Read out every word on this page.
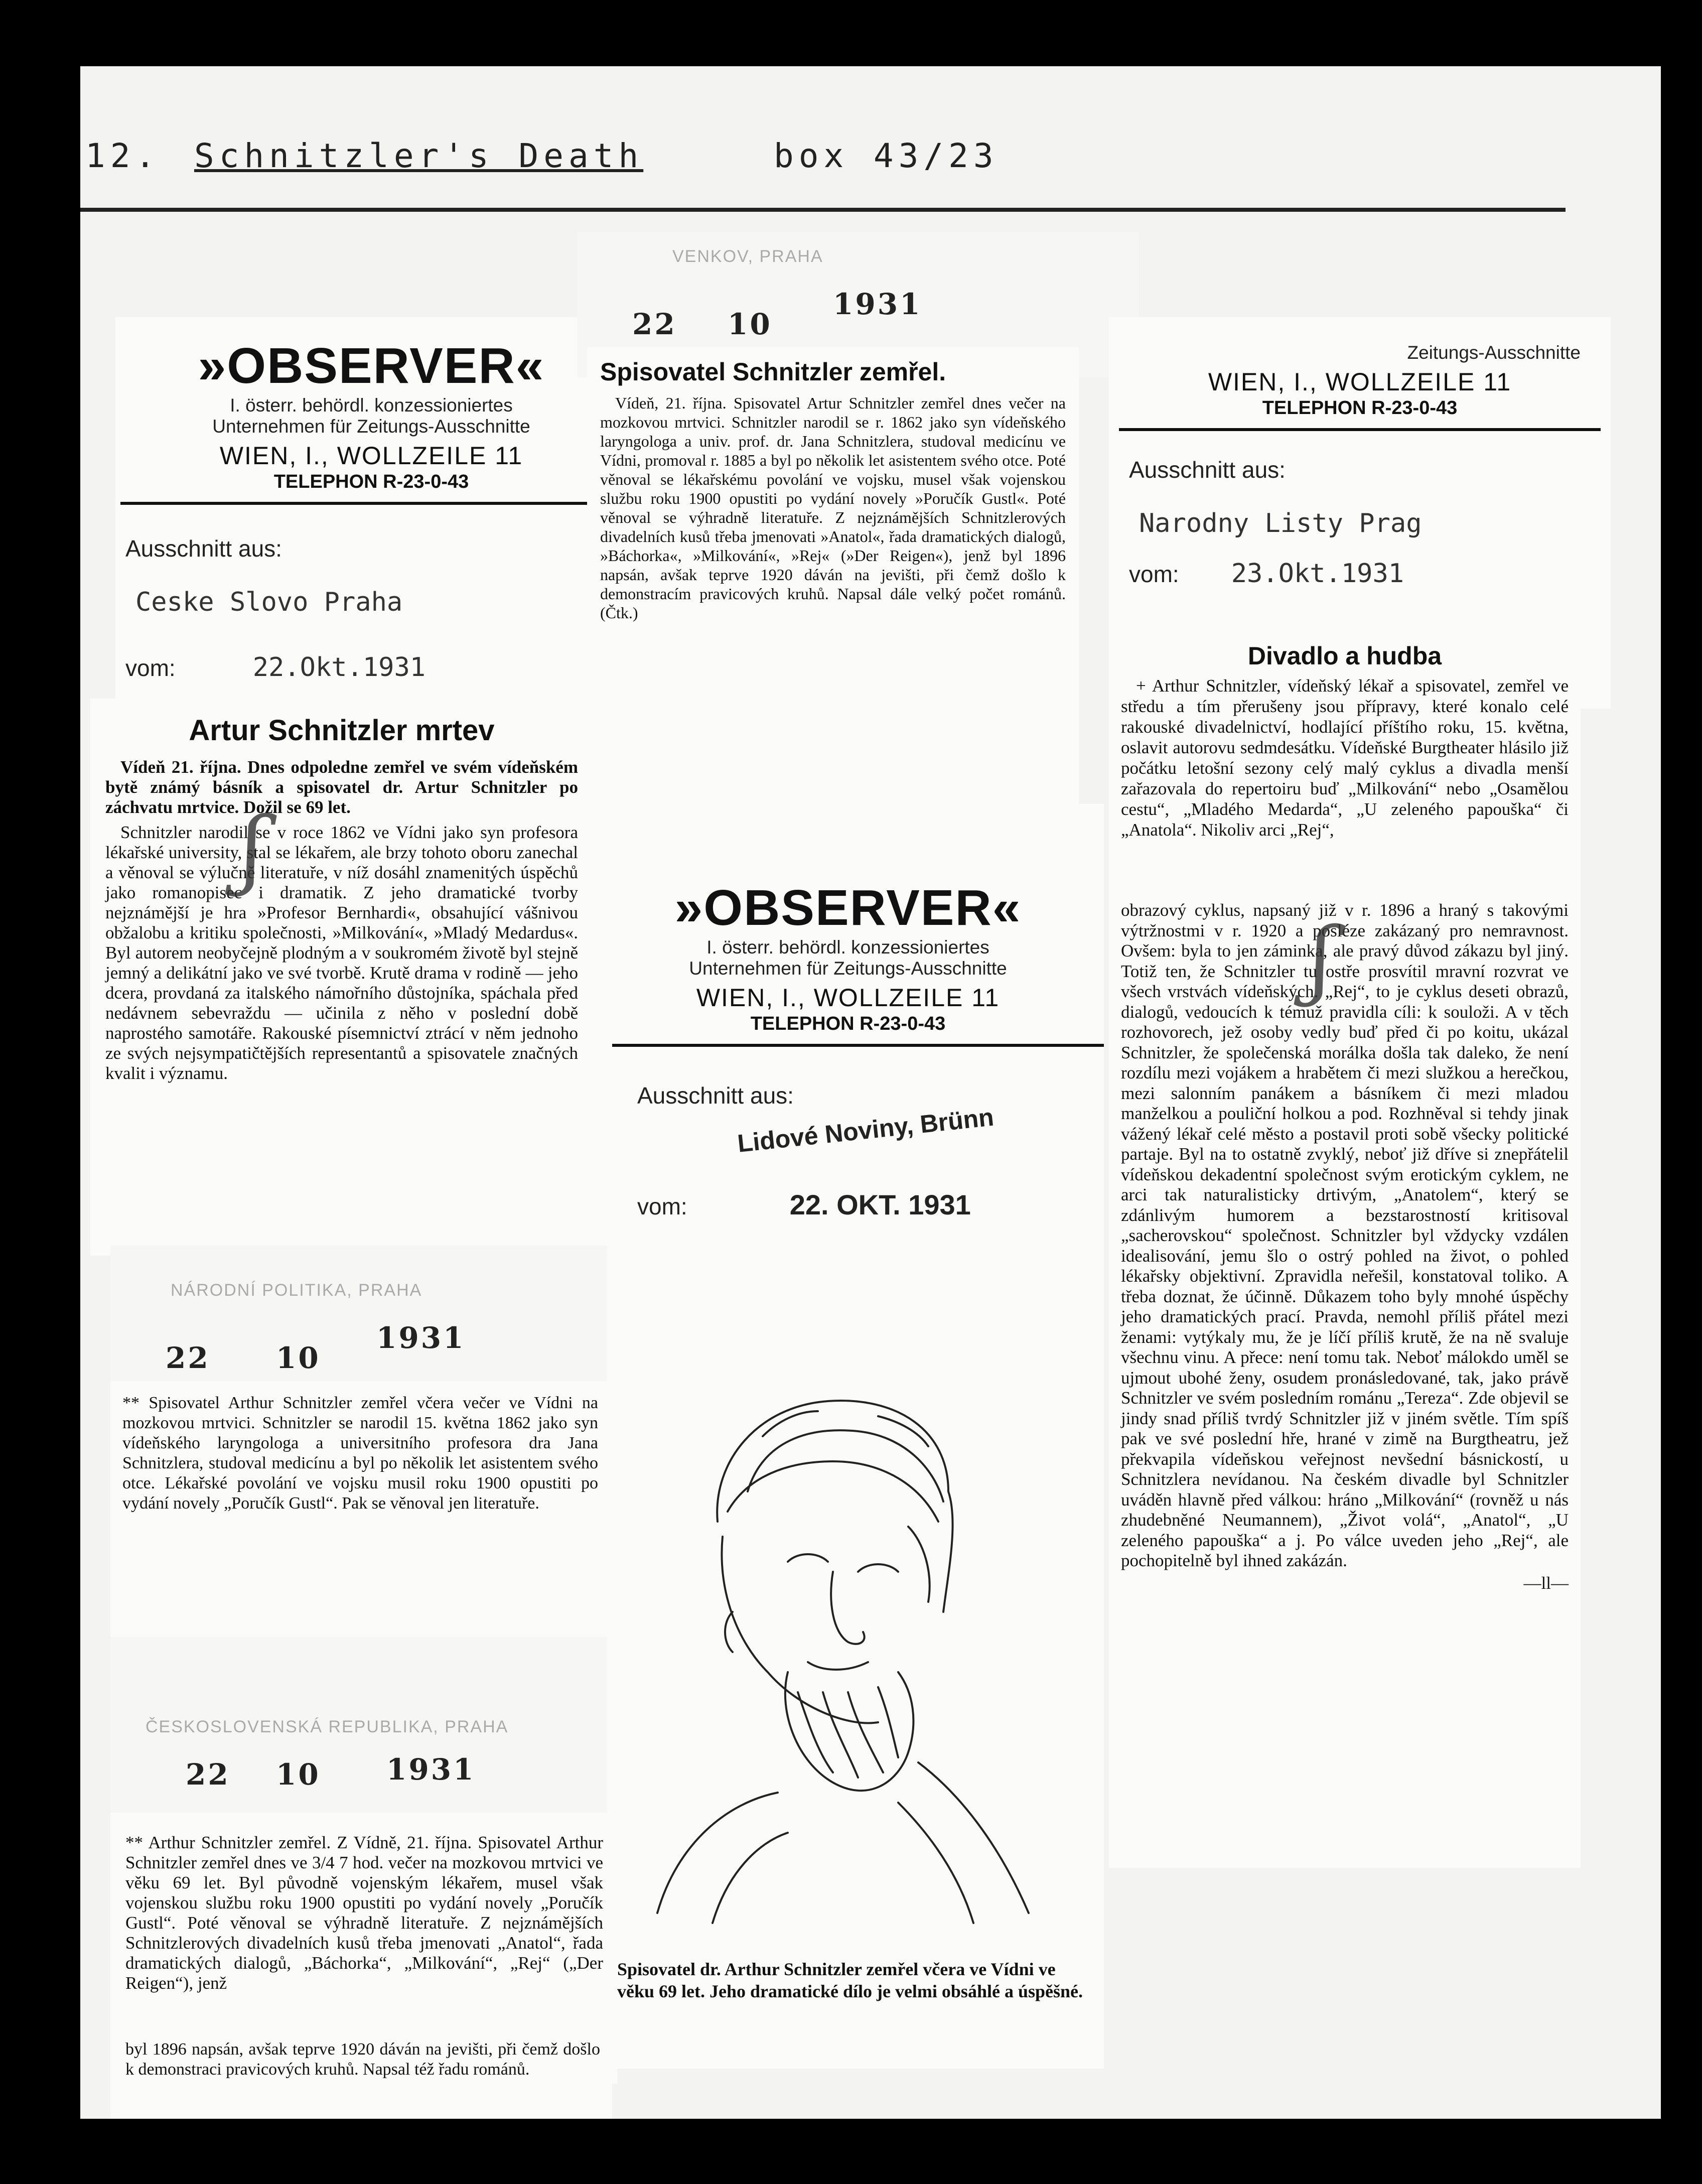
12. Schnitzler's Death	box 43/23
»OBSERVER«
I. österr. behördl. konzessioniertes
Unternehmen für Zeitungs-Ausschnitte
WIEN, I., WOLLZEILE 11
TELEPHON R-23-0-43
Ausschnitt aus:
Ceske Slovo Praha
vom:	22.Okt.1931
Artur Schnitzler mrtev

Vídeň 21. října. Dnes odpoledne zemřel ve svém vídeňském bytě známý básník a spisovatel dr. Artur Schnitzler po záchvatu mrtvice. Dožil se 69 let.

Schnitzler narodil se v roce 1862 ve Vídni jako syn profesora lékařské university, stal se lékařem, ale brzy tohoto oboru zanechal a věnoval se výlučně literatuře, v níž dosáhl znamenitých úspěchů jako romanopisec i dramatik. Z jeho dramatické tvorby nejznámější je hra »Profesor Bernhardi«, obsahující vášnivou obžalobu a kritiku společnosti, »Milkování«, »Mladý Medardus«. Byl autorem neobyčejně plodným a v soukromém životě byl stejně jemný a delikátní jako ve své tvorbě. Krutě drama v rodině — jeho dcera, provdaná za italského námořního důstojníka, spáchala před nedávnem sebevraždu — učinila z něho v poslední době naprostého samotáře. Rakouské písemnictví ztrácí v něm jednoho ze svých nejsympatičtějších representantů a spisovatele značných kvalit i významu.

ʃ
VENKOV, PRAHA
22 10
1931
Spisovatel Schnitzler zemřel.

Vídeň, 21. října. Spisovatel Artur Schnitzler zemřel dnes večer na mozkovou mrtvici. Schnitzler narodil se r. 1862 jako syn vídeňského laryngologa a univ. prof. dr. Jana Schnitzlera, studoval medicínu ve Vídni, promoval r. 1885 a byl po několik let asistentem svého otce. Poté věnoval se lékařskému povolání ve vojsku, musel však vojenskou službu roku 1900 opustiti po vydání novely »Poručík Gustl«. Poté věnoval se výhradně literatuře. Z nejznámějších Schnitzlerových divadelních kusů třeba jmenovati »Anatol«, řada dramatických dialogů, »Báchorka«, »Milkování«, »Rej« (»Der Reigen«), jenž byl 1896 napsán, avšak teprve 1920 dáván na jevišti, při čemž došlo k demonstracím pravicových kruhů. Napsal dále velký počet románů. (Čtk.)

Zeitungs-Ausschnitte
WIEN, I., WOLLZEILE 11
TELEPHON R-23-0-43
Ausschnitt aus:
Narodny Listy Prag
vom: 23.Okt.1931
Divadlo a hudba

+ Arthur Schnitzler, vídeňský lékař a spisovatel, zemřel ve středu a tím přerušeny jsou přípravy, které konalo celé rakouské divadelnictví, hodlající příštího roku, 15. května, oslavit autorovu sedmdesátku. Vídeňské Burgtheater hlásilo již počátku letošní sezony celý malý cyklus a divadla menší zařazovala do repertoiru buď „Milkování“ nebo „Osamělou cestu“, „Mladého Medarda“, „U zeleného papouška“ či „Anatola“. Nikoliv arci „Rej“,

obrazový cyklus, napsaný již v r. 1896 a hraný s takovými výtržnostmi v r. 1920 a posléze zakázaný pro nemravnost. Ovšem: byla to jen záminka, ale pravý důvod zákazu byl jiný. Totiž ten, že Schnitzler tu ostře prosvítil mravní rozvrat ve všech vrstvách vídeňských. „Rej“, to je cyklus deseti obrazů, dialogů, vedoucích k témuž pravidla cíli: k souloži. A v těch rozhovorech, jež osoby vedly buď před či po koitu, ukázal Schnitzler, že společenská morálka došla tak daleko, že není rozdílu mezi vojákem a hrabětem či mezi služkou a herečkou, mezi salonním panákem a básníkem či mezi mladou manželkou a pouliční holkou a pod. Rozhněval si tehdy jinak vážený lékař celé město a postavil proti sobě všecky politické partaje. Byl na to ostatně zvyklý, neboť již dříve si znepřátelil vídeňskou dekadentní společnost svým erotickým cyklem, ne arci tak naturalisticky drtivým, „Anatolem“, který se zdánlivým humorem a bezstarostností kritisoval „sacherovskou“ společnost. Schnitzler byl vždycky vzdálen idealisování, jemu šlo o ostrý pohled na život, o pohled lékařsky objektivní. Zpravidla neřešil, konstatoval toliko. A třeba doznat, že účinně. Důkazem toho byly mnohé úspěchy jeho dramatických prací. Pravda, nemohl příliš přátel mezi ženami: vytýkaly mu, že je líčí příliš krutě, že na ně svaluje všechnu vinu. A přece: není tomu tak. Neboť málokdo uměl se ujmout ubohé ženy, osudem pronásledované, tak, jako právě Schnitzler ve svém posledním románu „Tereza“. Zde objevil se jindy snad příliš tvrdý Schnitzler již v jiném světle. Tím spíš pak ve své poslední hře, hrané v zimě na Burgtheatru, jež překvapila vídeňskou veřejnost nevšední básnickostí, u Schnitzlera nevídanou. Na českém divadle byl Schnitzler uváděn hlavně před válkou: hráno „Milkování“ (rovněž u nás zhudebněné Neumannem), „Život volá“, „Anatol“, „U zeleného papouška“ a j. Po válce uveden jeho „Rej“, ale pochopitelně byl ihned zakázán.

—ll—
ʃ
»OBSERVER«
I. österr. behördl. konzessioniertes
Unternehmen für Zeitungs-Ausschnitte
WIEN, I., WOLLZEILE 11
TELEPHON R-23-0-43
Ausschnitt aus:
Lidové Noviny, Brünn
vom:	22. OKT. 1931
Spisovatel dr. Arthur Schnitzler zemřel včera ve Vídni ve věku 69 let. Jeho dramatické dílo je velmi obsáhlé a úspěšné.
NÁRODNÍ POLITIKA, PRAHA
22 10
1931

** Spisovatel Arthur Schnitzler zemřel včera večer ve Vídni na mozkovou mrtvici. Schnitzler se narodil 15. května 1862 jako syn vídeňského laryngologa a universitního profesora dra Jana Schnitzlera, studoval medicínu a byl po několik let asistentem svého otce. Lékařské povolání ve vojsku musil roku 1900 opustiti po vydání novely „Poručík Gustl“. Pak se věnoval jen literatuře.

ČESKOSLOVENSKÁ REPUBLIKA, PRAHA
22 10 1931

** Arthur Schnitzler zemřel. Z Vídně, 21. října. Spisovatel Arthur Schnitzler zemřel dnes ve 3/4 7 hod. večer na mozkovou mrtvici ve věku 69 let. Byl původně vojenským lékařem, musel však vojenskou službu roku 1900 opustiti po vydání novely „Poručík Gustl“. Poté věnoval se výhradně literatuře. Z nejznámějších Schnitzlerových divadelních kusů třeba jmenovati „Anatol“, řada dramatických dialogů, „Báchorka“, „Milkování“, „Rej“ („Der Reigen“), jenž

byl 1896 napsán, avšak teprve 1920 dáván na jevišti, při čemž došlo k demonstraci pravicových kruhů. Napsal též řadu románů.
